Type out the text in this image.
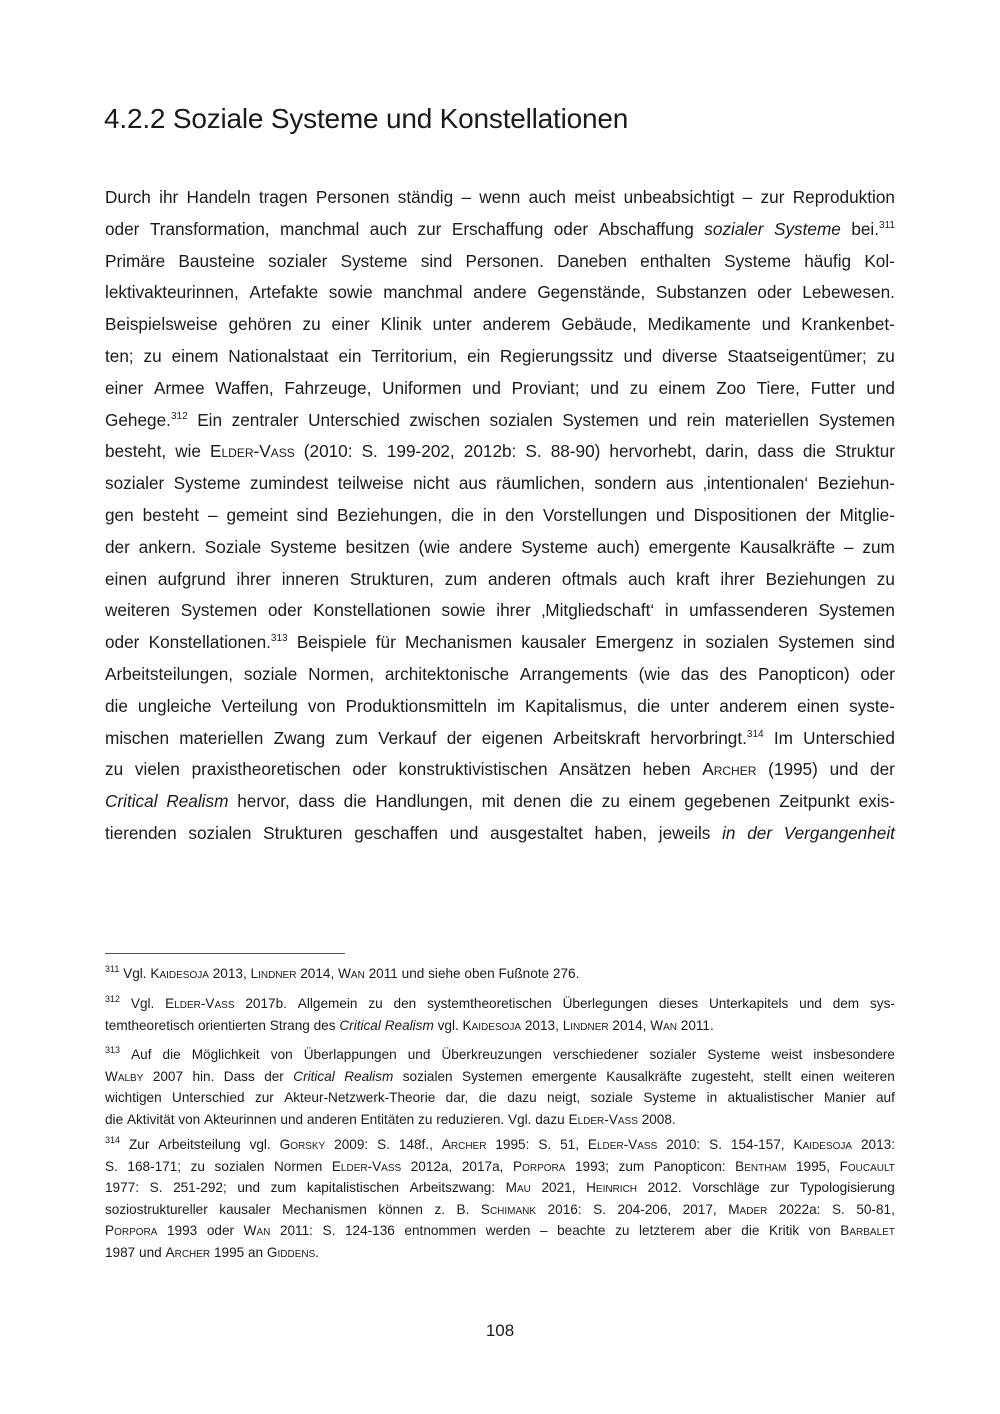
4.2.2 Soziale Systeme und Konstellationen
Durch ihr Handeln tragen Personen ständig – wenn auch meist unbeabsichtigt – zur Reproduktion
oder Transformation, manchmal auch zur Erschaffung oder Abschaffung sozialer Systeme bei.$^{311}$
Primäre Bausteine sozialer Systeme sind Personen. Daneben enthalten Systeme häufig Kol-
lektivakteurinnen, Artefakte sowie manchmal andere Gegenstände, Substanzen oder Lebewesen.
Beispielsweise gehören zu einer Klinik unter anderem Gebäude, Medikamente und Krankenbet-
ten; zu einem Nationalstaat ein Territorium, ein Regierungssitz und diverse Staatseigentümer; zu
einer Armee Waffen, Fahrzeuge, Uniformen und Proviant; und zu einem Zoo Tiere, Futter und
Gehege.$^{312}$ Ein zentraler Unterschied zwischen sozialen Systemen und rein materiellen Systemen
besteht, wie Elder-Vass (2010: S. 199-202, 2012b: S. 88-90) hervorhebt, darin, dass die Struktur
sozialer Systeme zumindest teilweise nicht aus räumlichen, sondern aus ‚intentionalen‘ Beziehun-
gen besteht – gemeint sind Beziehungen, die in den Vorstellungen und Dispositionen der Mitglie-
der ankern. Soziale Systeme besitzen (wie andere Systeme auch) emergente Kausalkräfte – zum
einen aufgrund ihrer inneren Strukturen, zum anderen oftmals auch kraft ihrer Beziehungen zu
weiteren Systemen oder Konstellationen sowie ihrer ‚Mitgliedschaft‘ in umfassenderen Systemen
oder Konstellationen.$^{313}$ Beispiele für Mechanismen kausaler Emergenz in sozialen Systemen sind
Arbeitsteilungen, soziale Normen, architektonische Arrangements (wie das des Panopticon) oder
die ungleiche Verteilung von Produktionsmitteln im Kapitalismus, die unter anderem einen syste-
mischen materiellen Zwang zum Verkauf der eigenen Arbeitskraft hervorbringt.$^{314}$ Im Unterschied
zu vielen praxistheoretischen oder konstruktivistischen Ansätzen heben Archer (1995) und der
Critical Realism hervor, dass die Handlungen, mit denen die zu einem gegebenen Zeitpunkt exis-
tierenden sozialen Strukturen geschaffen und ausgestaltet haben, jeweils in der Vergangenheit
$^{311}$ Vgl. Kaidesoja 2013, Lindner 2014, Wan 2011 und siehe oben Fußnote 276.
$^{312}$ Vgl. Elder-Vass 2017b. Allgemein zu den systemtheoretischen Überlegungen dieses Unterkapitels und dem sys-
temtheoretisch orientierten Strang des Critical Realism vgl. Kaidesoja 2013, Lindner 2014, Wan 2011.
$^{313}$ Auf die Möglichkeit von Überlappungen und Überkreuzungen verschiedener sozialer Systeme weist insbesondere
Walby 2007 hin. Dass der Critical Realism sozialen Systemen emergente Kausalkräfte zugesteht, stellt einen weiteren
wichtigen Unterschied zur Akteur-Netzwerk-Theorie dar, die dazu neigt, soziale Systeme in aktualistischer Manier auf
die Aktivität von Akteurinnen und anderen Entitäten zu reduzieren. Vgl. dazu Elder-Vass 2008.
$^{314}$ Zur Arbeitsteilung vgl. Gorsky 2009: S. 148f., Archer 1995: S. 51, Elder-Vass 2010: S. 154-157, Kaidesoja 2013:
S. 168-171; zu sozialen Normen Elder-Vass 2012a, 2017a, Porpora 1993; zum Panopticon: Bentham 1995, Foucault
1977: S. 251-292; und zum kapitalistischen Arbeitszwang: Mau 2021, Heinrich 2012. Vorschläge zur Typologisierung
soziostruktureller kausaler Mechanismen können z. B. Schimank 2016: S. 204-206, 2017, Mader 2022a: S. 50-81,
Porpora 1993 oder Wan 2011: S. 124-136 entnommen werden – beachte zu letzterem aber die Kritik von Barbalet
1987 und Archer 1995 an Giddens.
108
